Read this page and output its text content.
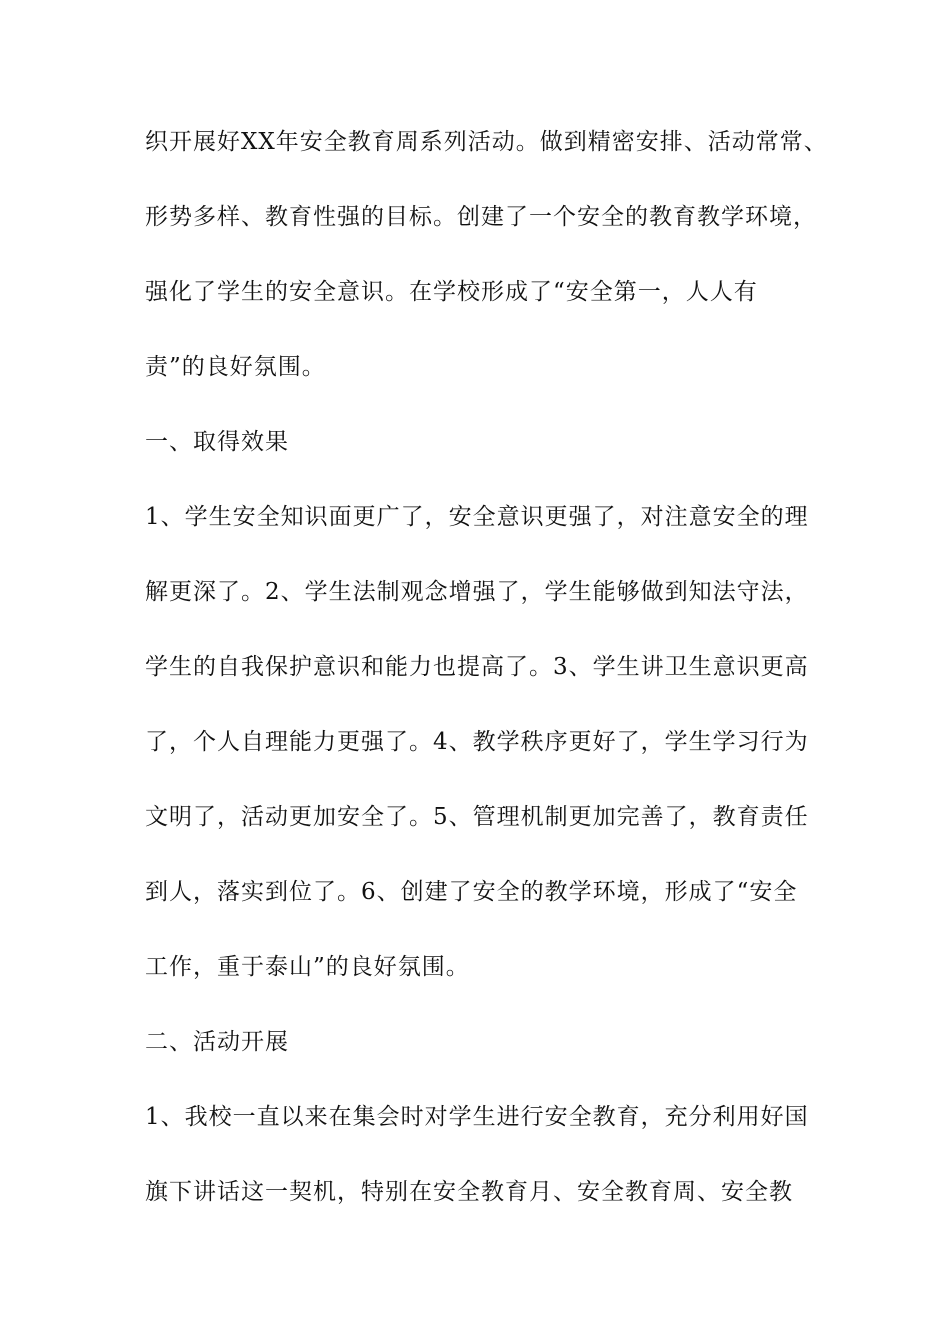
织开展好XX年安全教育周系列活动。做到精密安排、活动常常、
形势多样、教育性强的目标。创建了一个安全的教育教学环境，
强化了学生的安全意识。在学校形成了“安全第一，人人有
责”的良好氛围。
一、取得效果
1、学生安全知识面更广了，安全意识更强了，对注意安全的理
解更深了。2、学生法制观念增强了，学生能够做到知法守法，
学生的自我保护意识和能力也提高了。3、学生讲卫生意识更高
了，个人自理能力更强了。4、教学秩序更好了，学生学习行为
文明了，活动更加安全了。5、管理机制更加完善了，教育责任
到人，落实到位了。6、创建了安全的教学环境，形成了“安全
工作，重于泰山”的良好氛围。
二、活动开展
1、我校一直以来在集会时对学生进行安全教育，充分利用好国
旗下讲话这一契机，特别在安全教育月、安全教育周、安全教
